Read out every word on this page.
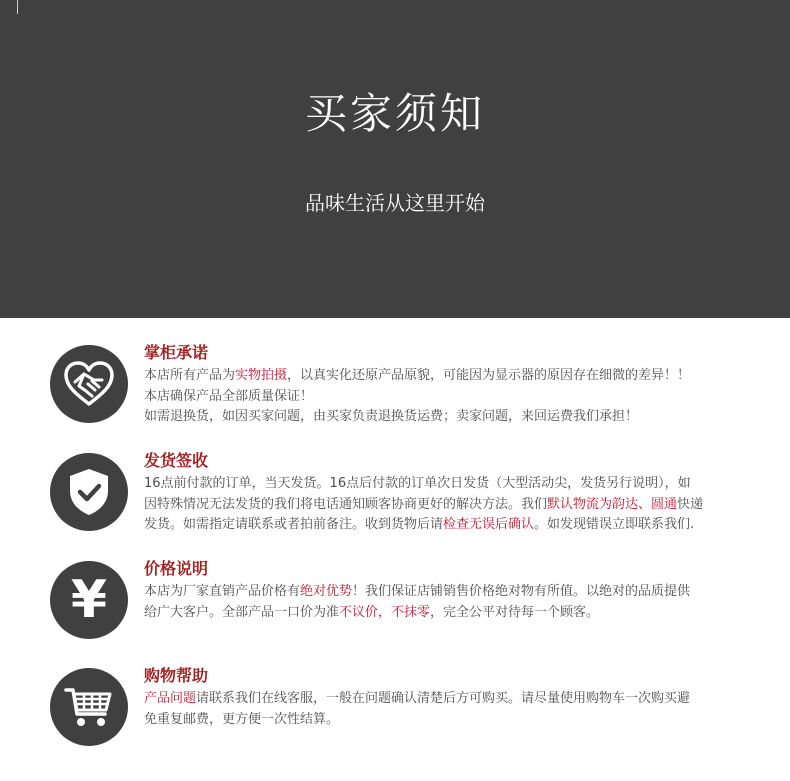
买家须知
品味生活从这里开始
掌柜承诺
本店所有产品为实物拍摄，以真实化还原产品原貌，可能因为显示器的原因存在细微的差异！！
本店确保产品全部质量保证！
如需退换货，如因买家问题，由买家负责退换货运费；卖家问题，来回运费我们承担！
发货签收
16点前付款的订单，当天发货。16点后付款的订单次日发货（大型活动尖，发货另行说明），如
因特殊情况无法发货的我们将电话通知顾客协商更好的解决方法。我们默认物流为韵达、圆通快递
发货。如需指定请联系或者拍前备注。收到货物后请检查无误后确认。如发现错误立即联系我们.
¥
价格说明
本店为厂家直销产品价格有绝对优势！我们保证店铺销售价格绝对物有所值。以绝对的品质提供
给广大客户。全部产品一口价为准不议价，不抹零，完全公平对待每一个顾客。
购物帮助
产品问题请联系我们在线客服，一般在问题确认清楚后方可购买。请尽量使用购物车一次购买避
免重复邮费，更方便一次性结算。
